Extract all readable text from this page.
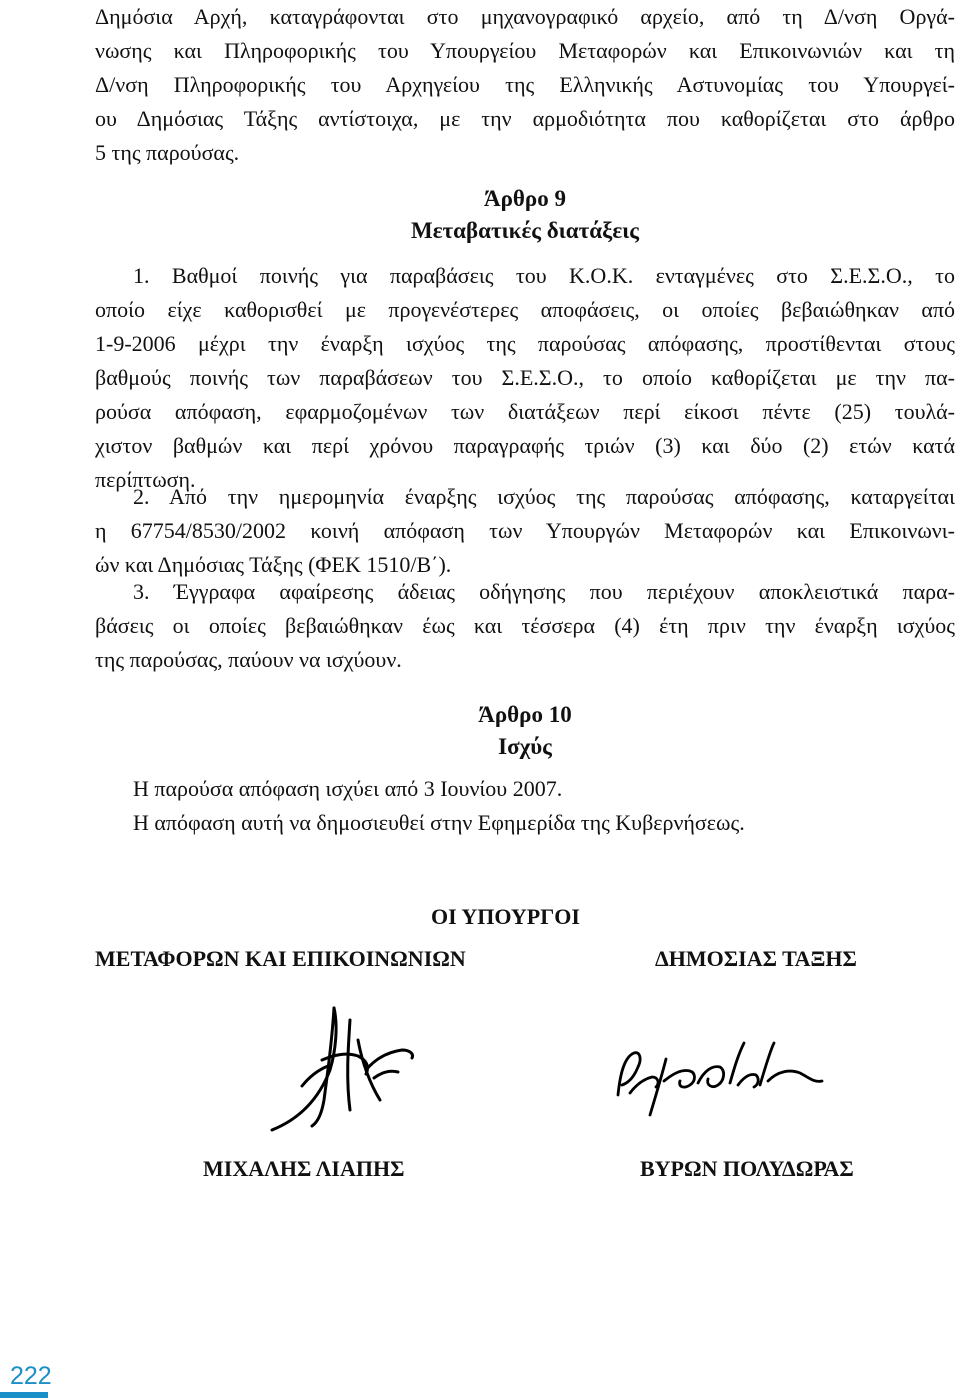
Δημόσια Αρχή, καταγράφονται στο μηχανογραφικό αρχείο, από τη Δ/νση Οργά-
νωσης και Πληροφορικής του Υπουργείου Μεταφορών και Επικοινωνιών και τη
Δ/νση Πληροφορικής του Αρχηγείου της Ελληνικής Αστυνομίας του Υπουργεί-
ου Δημόσιας Τάξης αντίστοιχα, με την αρμοδιότητα που καθορίζεται στο άρθρο
5 της παρούσας.
Άρθρο 9
Μεταβατικές διατάξεις
1. Βαθμοί ποινής για παραβάσεις του Κ.Ο.Κ. ενταγμένες στο Σ.Ε.Σ.Ο., το
οποίο είχε καθορισθεί με προγενέστερες αποφάσεις, οι οποίες βεβαιώθηκαν από
1-9-2006 μέχρι την έναρξη ισχύος της παρούσας απόφασης, προστίθενται στους
βαθμούς ποινής των παραβάσεων του Σ.Ε.Σ.Ο., το οποίο καθορίζεται με την πα-
ρούσα απόφαση, εφαρμοζομένων των διατάξεων περί είκοσι πέντε (25) τουλά-
χιστον βαθμών και περί χρόνου παραγραφής τριών (3) και δύο (2) ετών κατά
περίπτωση.
2. Από την ημερομηνία έναρξης ισχύος της παρούσας απόφασης, καταργείται
η 67754/8530/2002 κοινή απόφαση των Υπουργών Μεταφορών και Επικοινωνι-
ών και Δημόσιας Τάξης (ΦΕΚ 1510/Β΄).
3. Έγγραφα αφαίρεσης άδειας οδήγησης που περιέχουν αποκλειστικά παρα-
βάσεις οι οποίες βεβαιώθηκαν έως και τέσσερα (4) έτη πριν την έναρξη ισχύος
της παρούσας, παύουν να ισχύουν.
Άρθρο 10
Ισχύς
Η παρούσα απόφαση ισχύει από 3 Ιουνίου 2007.
Η απόφαση αυτή να δημοσιευθεί στην Εφημερίδα της Κυβερνήσεως.
ΟΙ ΥΠΟΥΡΓΟΙ
ΜΕΤΑΦΟΡΩΝ ΚΑΙ ΕΠΙΚΟΙΝΩΝΙΩΝ	ΔΗΜΟΣΙΑΣ ΤΑΞΗΣ
ΜΙΧΑΛΗΣ ΛΙΑΠΗΣ	ΒΥΡΩΝ ΠΟΛΥΔΩΡΑΣ
222
